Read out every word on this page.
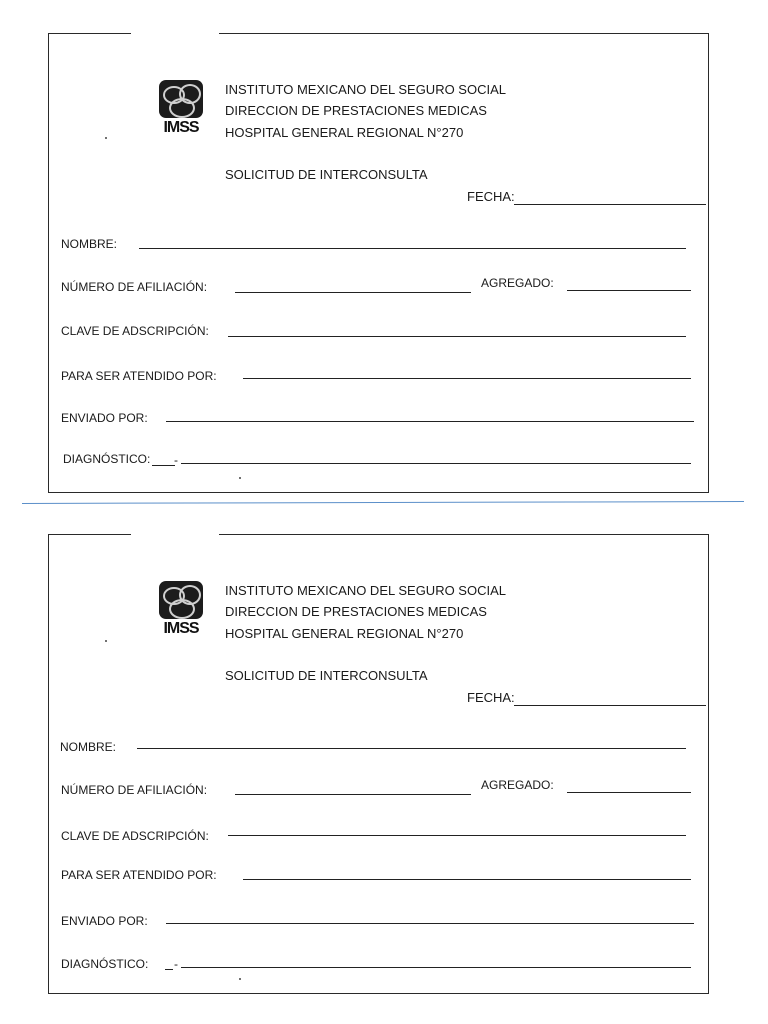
IMSS
INSTITUTO MEXICANO DEL SEGURO SOCIAL
DIRECCION DE PRESTACIONES MEDICAS
HOSPITAL GENERAL REGIONAL N°270
SOLICITUD DE INTERCONSULTA
FECHA:
NOMBRE:
NÚMERO DE AFILIACIÓN:	AGREGADO:
CLAVE DE ADSCRIPCIÓN:
PARA SER ATENDIDO POR:
ENVIADO POR:
DIAGNÓSTICO: -
IMSS
INSTITUTO MEXICANO DEL SEGURO SOCIAL
DIRECCION DE PRESTACIONES MEDICAS
HOSPITAL GENERAL REGIONAL N°270
SOLICITUD DE INTERCONSULTA
FECHA:
NOMBRE:
NÚMERO DE AFILIACIÓN:	AGREGADO:
CLAVE DE ADSCRIPCIÓN:
PARA SER ATENDIDO POR:
ENVIADO POR:
DIAGNÓSTICO: -
